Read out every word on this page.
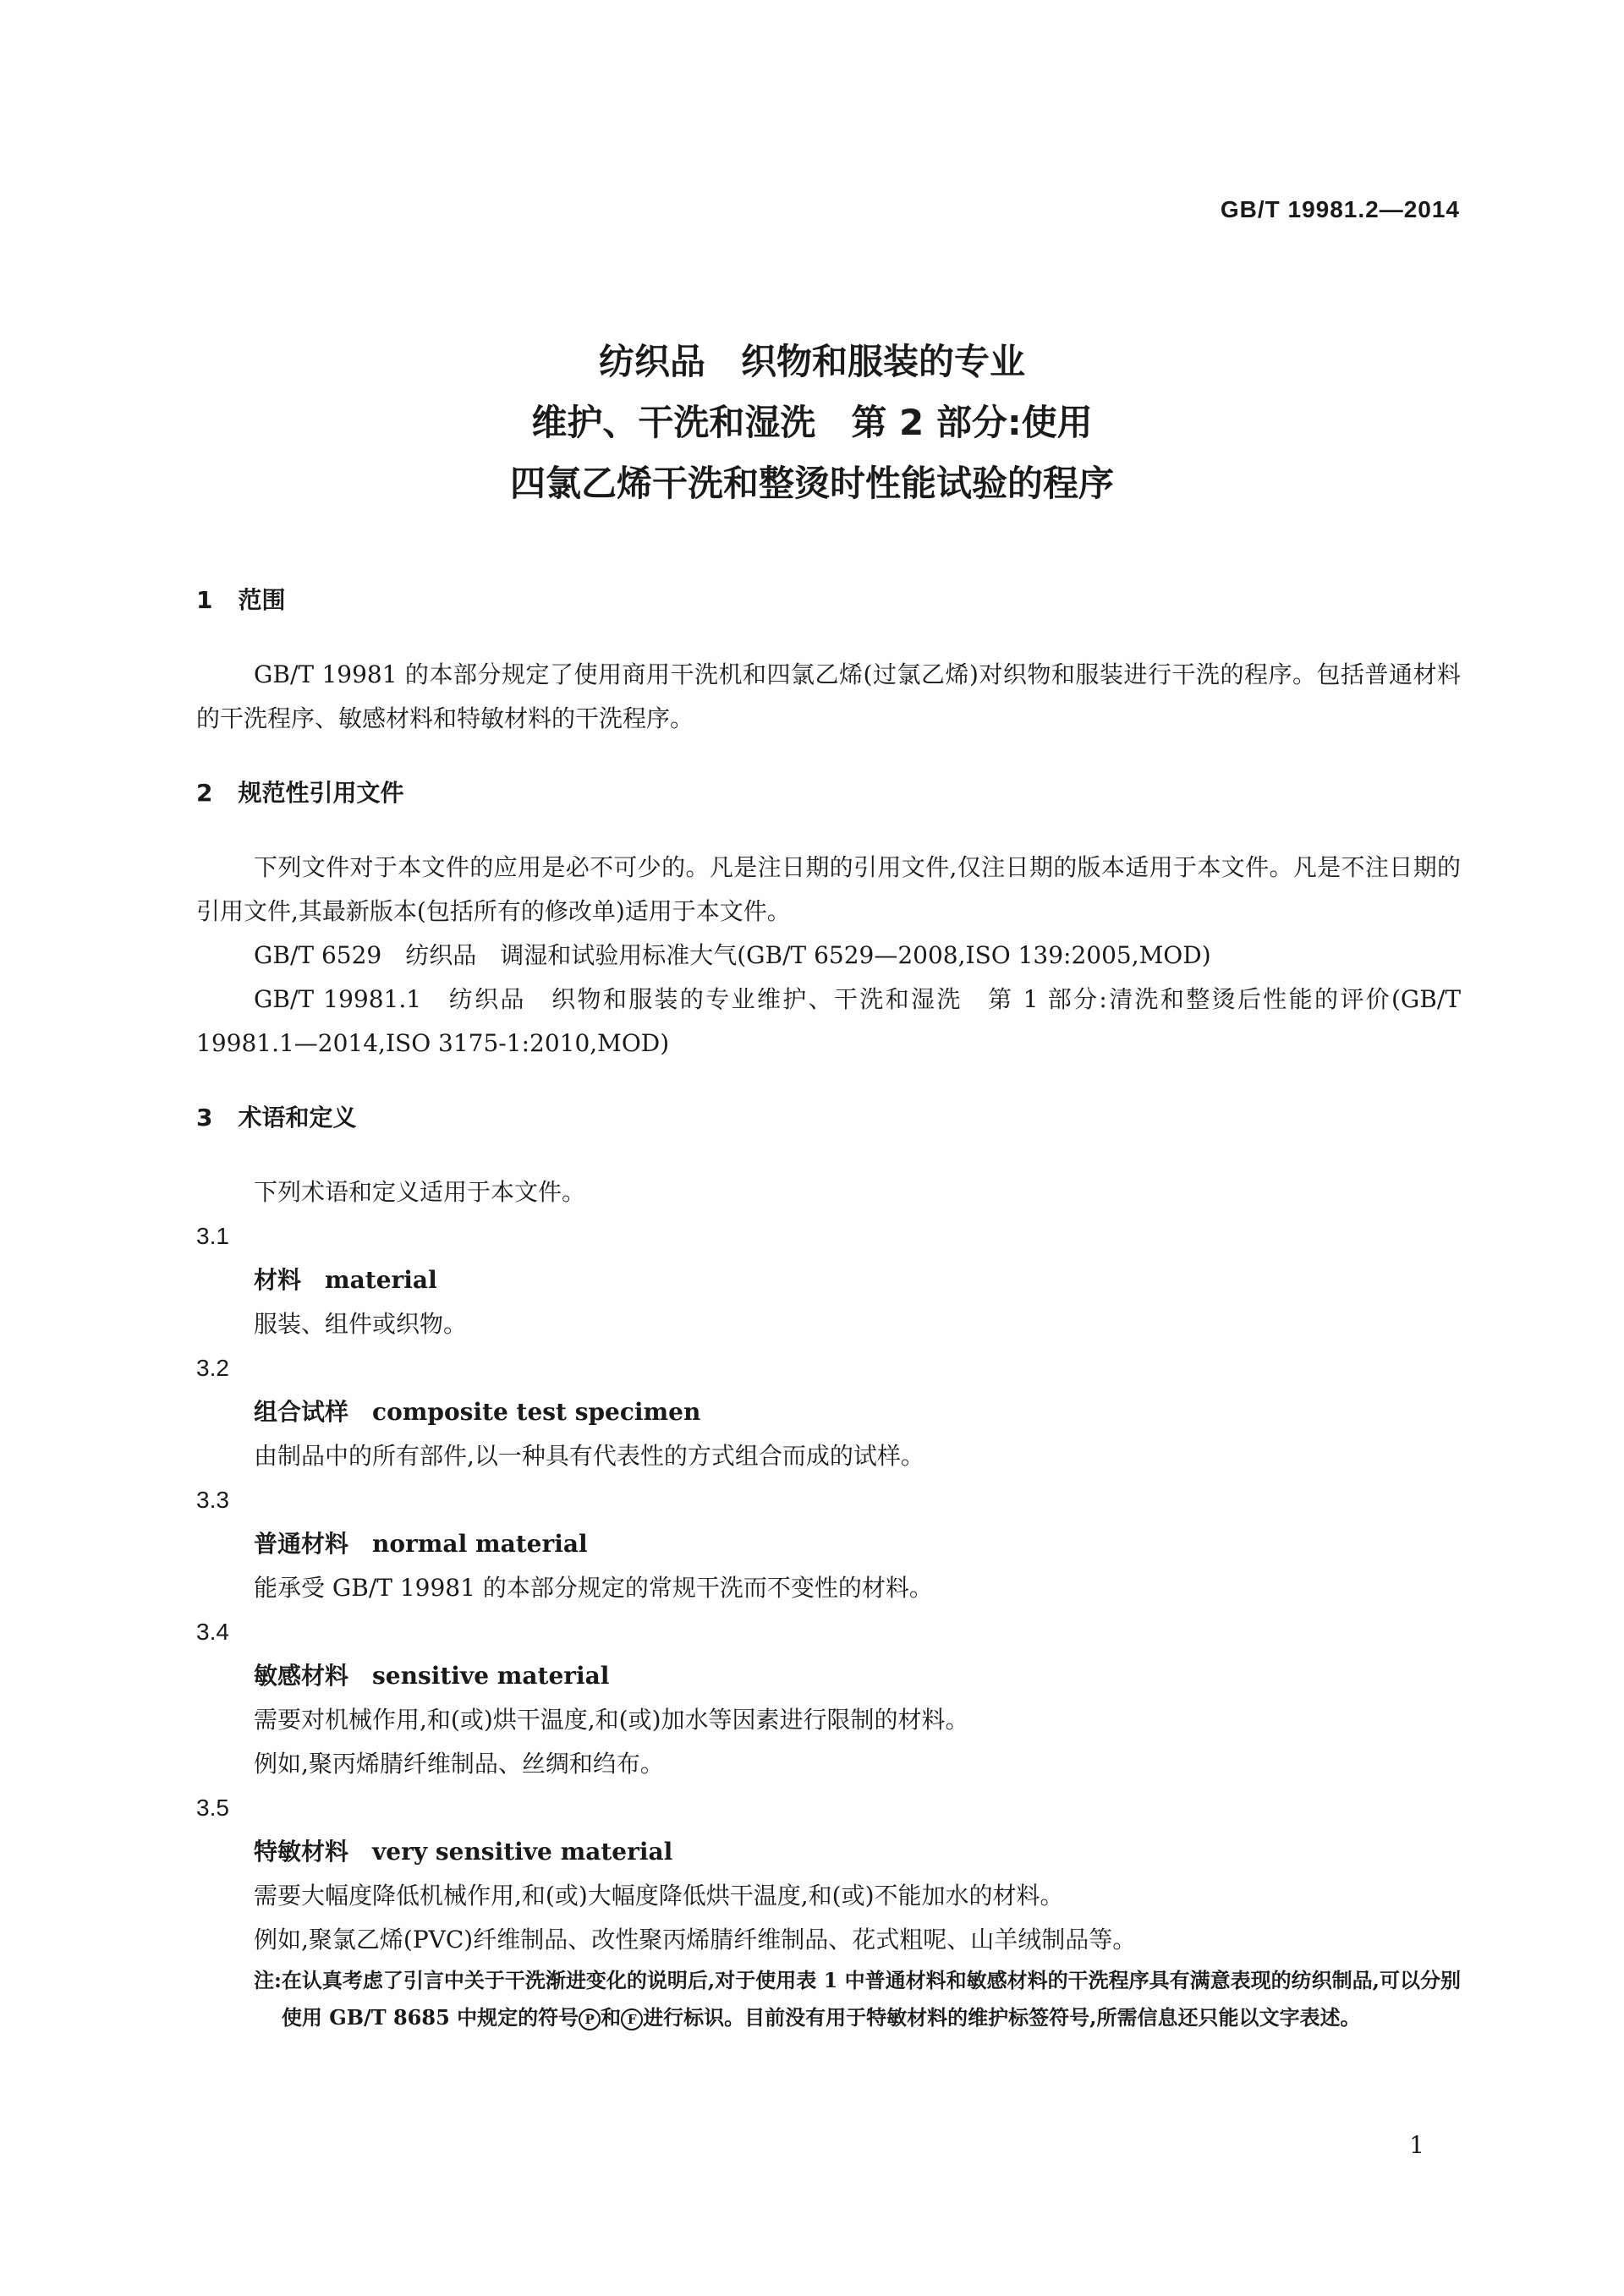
GB/T 19981.2—2014
纺织品　织物和服装的专业
维护、干洗和湿洗　第 2 部分:使用
四氯乙烯干洗和整烫时性能试验的程序
1 范围
GB/T 19981 的本部分规定了使用商用干洗机和四氯乙烯(过氯乙烯)对织物和服装进行干洗的程序。包括普通材料的干洗程序、敏感材料和特敏材料的干洗程序。
2 规范性引用文件
下列文件对于本文件的应用是必不可少的。凡是注日期的引用文件,仅注日期的版本适用于本文件。凡是不注日期的引用文件,其最新版本(包括所有的修改单)适用于本文件。
GB/T 6529　纺织品　调湿和试验用标准大气(GB/T 6529—2008,ISO 139:2005,MOD)
GB/T 19981.1　纺织品　织物和服装的专业维护、干洗和湿洗　第 1 部分:清洗和整烫后性能的评价(GB/T 19981.1—2014,ISO 3175-1:2010,MOD)
3 术语和定义
下列术语和定义适用于本文件。
3.1
材料 material
服装、组件或织物。
3.2
组合试样 composite test specimen
由制品中的所有部件,以一种具有代表性的方式组合而成的试样。
3.3
普通材料 normal material
能承受 GB/T 19981 的本部分规定的常规干洗而不变性的材料。
3.4
敏感材料 sensitive material
需要对机械作用,和(或)烘干温度,和(或)加水等因素进行限制的材料。
例如,聚丙烯腈纤维制品、丝绸和绉布。
3.5
特敏材料 very sensitive material
需要大幅度降低机械作用,和(或)大幅度降低烘干温度,和(或)不能加水的材料。
例如,聚氯乙烯(PVC)纤维制品、改性聚丙烯腈纤维制品、花式粗呢、山羊绒制品等。
注: 在认真考虑了引言中关于干洗渐进变化的说明后,对于使用表 1 中普通材料和敏感材料的干洗程序具有满意表现的纺织制品,可以分别使用 GB/T 8685 中规定的符号 P 和 F 进行标识。目前没有用于特敏材料的维护标签符号,所需信息还只能以文字表述。
1
